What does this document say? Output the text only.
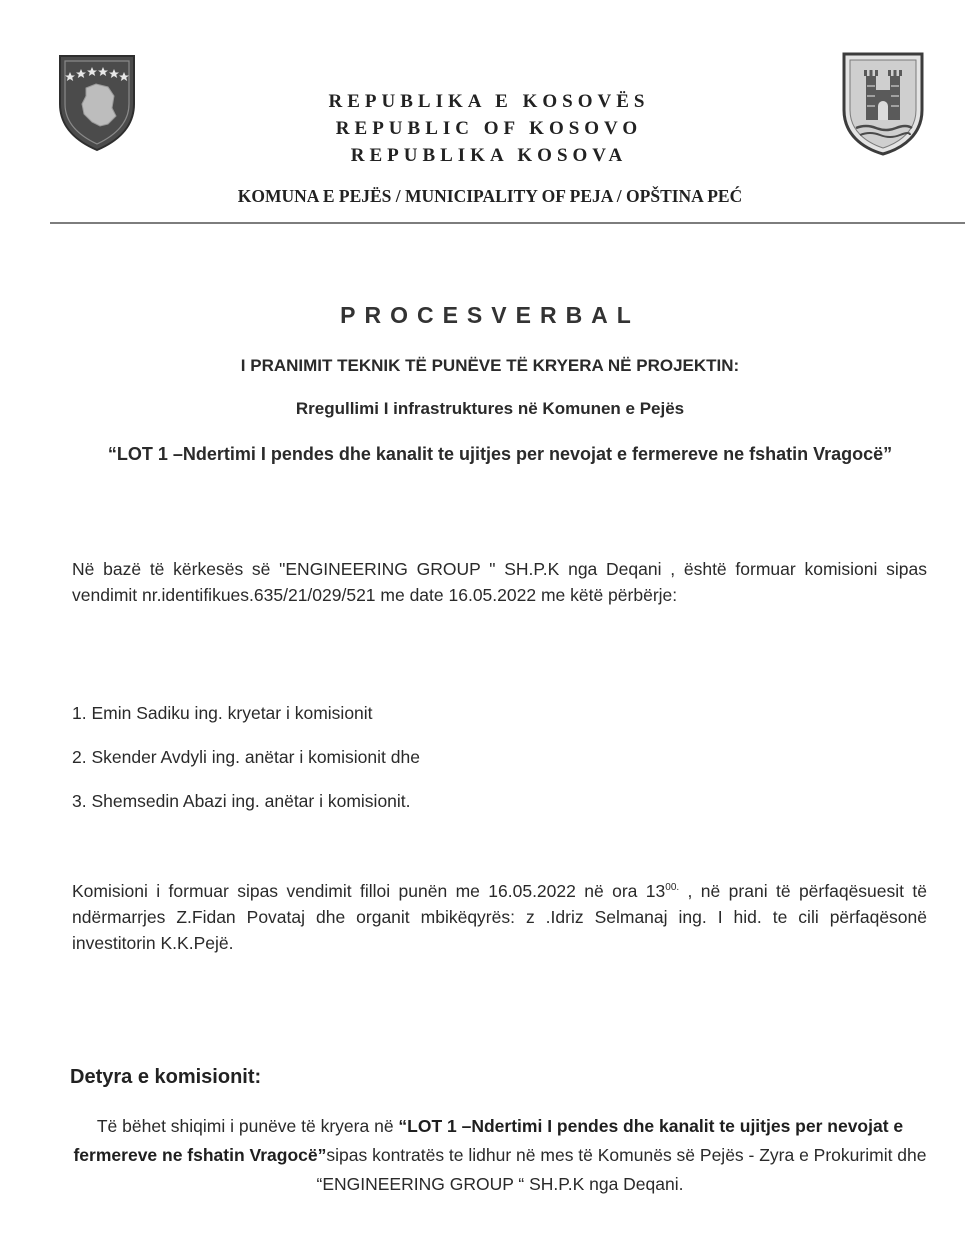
REPUBLIKA E KOSOVËS
REPUBLIC OF KOSOVO
REPUBLIKA KOSOVA
KOMUNA E PEJËS / MUNICIPALITY OF PEJA / OPŠTINA PEĆ
PROCESVERBAL
I PRANIMIT TEKNIK TË PUNËVE TË KRYERA NË PROJEKTIN:
Rregullimi I infrastruktures në Komunen e Pejës
“LOT 1 –Ndertimi I pendes dhe kanalit te ujitjes per nevojat e fermereve ne fshatin Vragocë”
Në bazë të kërkesës së "ENGINEERING GROUP " SH.P.K nga Deqani , është formuar komisioni sipas vendimit nr.identifikues.635/21/029/521 me date 16.05.2022 me këtë përbërje:
1. Emin Sadiku ing. kryetar i komisionit
2. Skender Avdyli ing. anëtar i komisionit dhe
3. Shemsedin Abazi ing. anëtar i komisionit.
Komisioni i formuar sipas vendimit filloi punën me 16.05.2022 në ora $13^{00.}$ , në prani të përfaqësuesit të ndërmarrjes Z.Fidan Povataj dhe organit mbikëqyrës: z .Idriz Selmanaj ing. I hid. te cili përfaqësonë investitorin K.K.Pejë.
Detyra e komisionit:
Të bëhet shiqimi i punëve të kryera në “LOT 1 –Ndertimi I pendes dhe kanalit te ujitjes per nevojat e fermereve ne fshatin Vragocë”sipas kontratës te lidhur në mes të Komunës së Pejës - Zyra e Prokurimit dhe “ENGINEERING GROUP “ SH.P.K nga Deqani.
